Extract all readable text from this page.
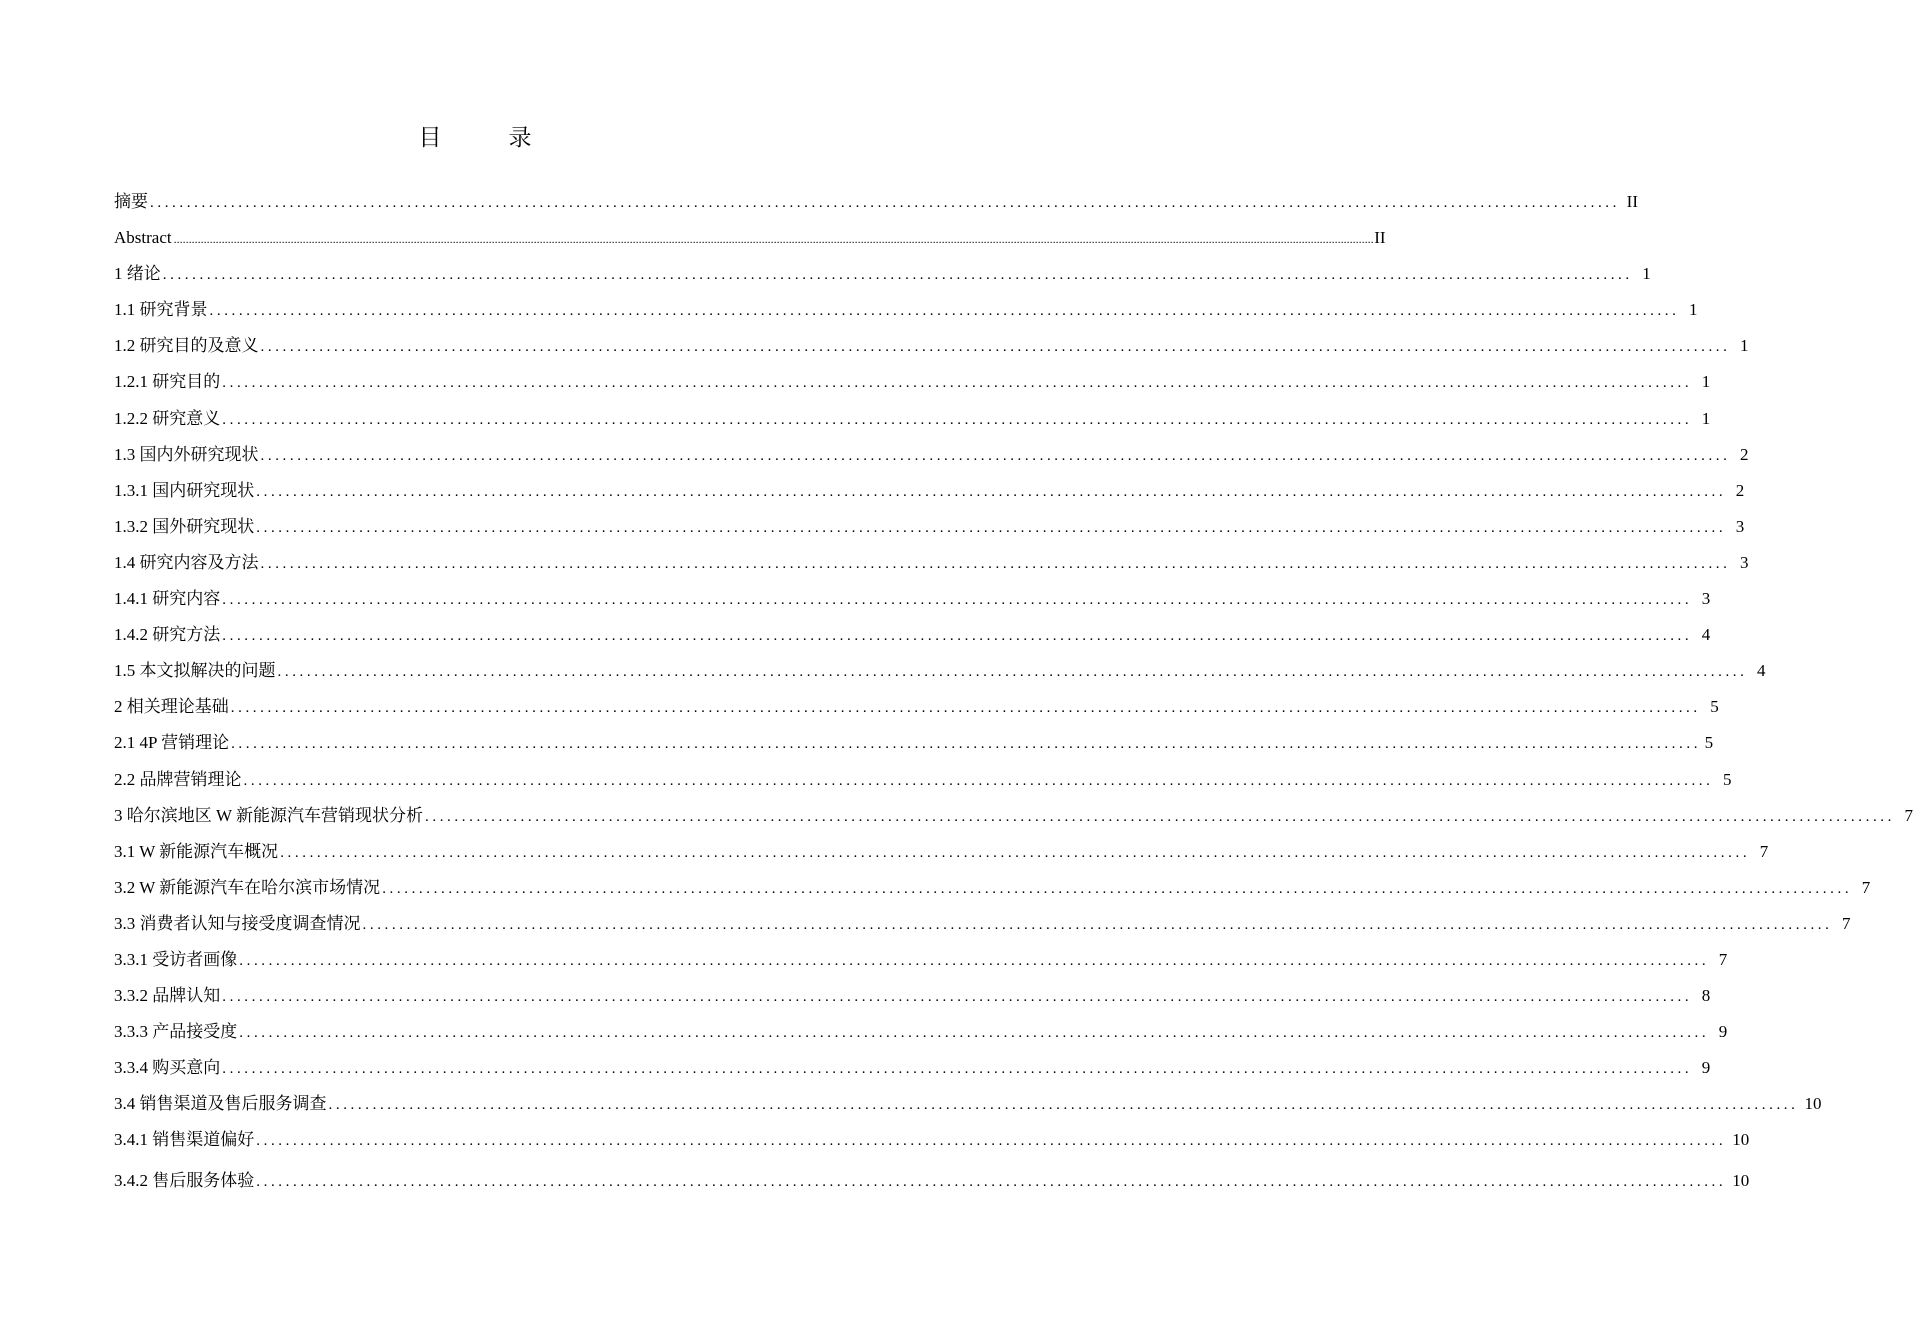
目　录
摘要 ........................................................................................................................................................................................................ II
Abstract ................................................................................................................................................................................................................................................................................................................................................................................................................ II
1 绪论 ........................................................................................................................................................................................................ 1
1.1 研究背景 ........................................................................................................................................................................................................ 1
1.2 研究目的及意义 ........................................................................................................................................................................................................ 1
1.2.1 研究目的 ........................................................................................................................................................................................................ 1
1.2.2 研究意义 ........................................................................................................................................................................................................ 1
1.3 国内外研究现状 ........................................................................................................................................................................................................ 2
1.3.1 国内研究现状 ........................................................................................................................................................................................................ 2
1.3.2 国外研究现状 ........................................................................................................................................................................................................ 3
1.4 研究内容及方法 ........................................................................................................................................................................................................ 3
1.4.1 研究内容 ........................................................................................................................................................................................................ 3
1.4.2 研究方法 ........................................................................................................................................................................................................ 4
1.5 本文拟解决的问题 ........................................................................................................................................................................................................ 4
2 相关理论基础 ........................................................................................................................................................................................................ 5
2.1 4P 营销理论 ........................................................................................................................................................................................................ 5
2.2 品牌营销理论 ........................................................................................................................................................................................................ 5
3 哈尔滨地区 W 新能源汽车营销现状分析 ........................................................................................................................................................................................................ 7
3.1 W 新能源汽车概况 ........................................................................................................................................................................................................ 7
3.2 W 新能源汽车在哈尔滨市场情况 ........................................................................................................................................................................................................ 7
3.3 消费者认知与接受度调查情况 ........................................................................................................................................................................................................ 7
3.3.1 受访者画像 ........................................................................................................................................................................................................ 7
3.3.2 品牌认知 ........................................................................................................................................................................................................ 8
3.3.3 产品接受度 ........................................................................................................................................................................................................ 9
3.3.4 购买意向 ........................................................................................................................................................................................................ 9
3.4 销售渠道及售后服务调查 ........................................................................................................................................................................................................ 10
3.4.1 销售渠道偏好 ........................................................................................................................................................................................................ 10
3.4.2 售后服务体验 ........................................................................................................................................................................................................ 10
